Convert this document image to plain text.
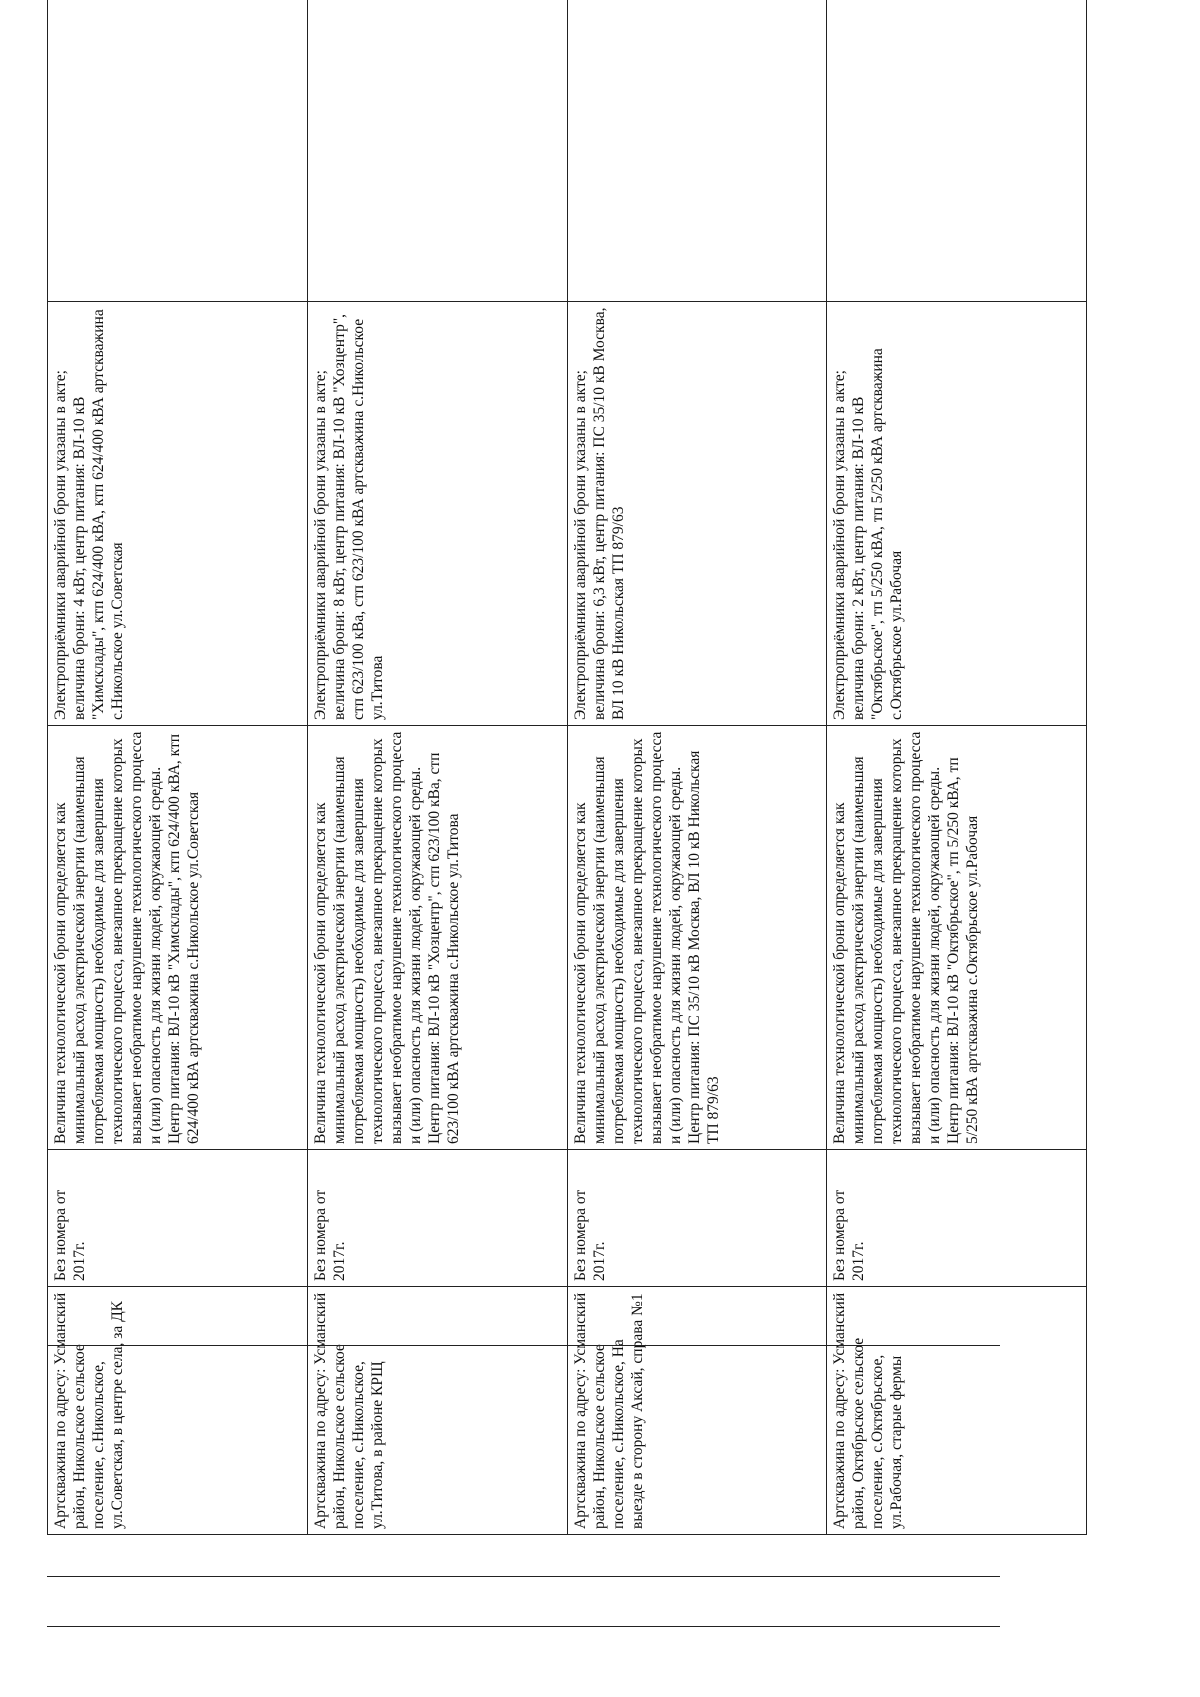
Артскважина по адресу: Усманский район, Никольское сельское поселение, с.Никольское, ул.Советская, в центре села, за ДК	Без номера от 2017г.	Величина технологической брони определяется как минимальный расход электрической энергии (наименьшая потребляемая мощность) необходимые для завершения технологического процесса, внезапное прекращение которых вызывает необратимое нарушение технологического процесса и (или) опасность для жизни людей, окружающей среды. Центр питания: ВЛ-10 кВ "Химсклады", ктп 624/400 кВА, ктп 624/400 кВА артскважина с.Никольское ул.Советская	Электроприёмники аварийной брони указаны в акте; величина брони: 4 кВт, центр питания: ВЛ-10 кВ "Химсклады", ктп 624/400 кВА, ктп 624/400 кВА артскважина с.Никольское ул.Советская	
Артскважина по адресу: Усманский район, Никольское сельское поселение, с.Никольское, ул.Титова, в районе КРЩ	Без номера от 2017г.	Величина технологической брони определяется как минимальный расход электрической энергии (наименьшая потребляемая мощность) необходимые для завершения технологического процесса, внезапное прекращение которых вызывает необратимое нарушение технологического процесса и (или) опасность для жизни людей, окружающей среды. Центр питания: ВЛ-10 кВ "Хозцентр", стп 623/100 кВа, стп 623/100 кВА артскважина с.Никольское ул.Титова	Электроприёмники аварийной брони указаны в акте; величина брони: 8 кВт, центр питания: ВЛ-10 кВ "Хозцентр", стп 623/100 кВа, стп 623/100 кВА артскважина с.Никольское ул.Титова	
Артскважина по адресу: Усманский район, Никольское сельское поселение, с.Никольское, На выезде в сторону Аксай, справа №1	Без номера от 2017г.	Величина технологической брони определяется как минимальный расход электрической энергии (наименьшая потребляемая мощность) необходимые для завершения технологического процесса, внезапное прекращение которых вызывает необратимое нарушение технологического процесса и (или) опасность для жизни людей, окружающей среды. Центр питания: ПС 35/10 кВ Москва, ВЛ 10 кВ Никольская ТП 879/63	Электроприёмники аварийной брони указаны в акте; величина брони: 6,3 кВт, центр питания: ПС 35/10 кВ Москва, ВЛ 10 кВ Никольская ТП 879/63	
Артскважина по адресу: Усманский район, Октябрьское сельское поселение, с.Октябрьское, ул.Рабочая, старые фермы	Без номера от 2017г.	Величина технологической брони определяется как минимальный расход электрической энергии (наименьшая потребляемая мощность) необходимые для завершения технологического процесса, внезапное прекращение которых вызывает необратимое нарушение технологического процесса и (или) опасность для жизни людей, окружающей среды. Центр питания: ВЛ-10 кВ "Октябрьское", тп 5/250 кВА, тп 5/250 кВА артскважина с.Октябрьское ул.Рабочая	Электроприёмники аварийной брони указаны в акте; величина брони: 2 кВт, центр питания: ВЛ-10 кВ "Октябрьское", тп 5/250 кВА, тп 5/250 кВА артскважина с.Октябрьское ул.Рабочая	
